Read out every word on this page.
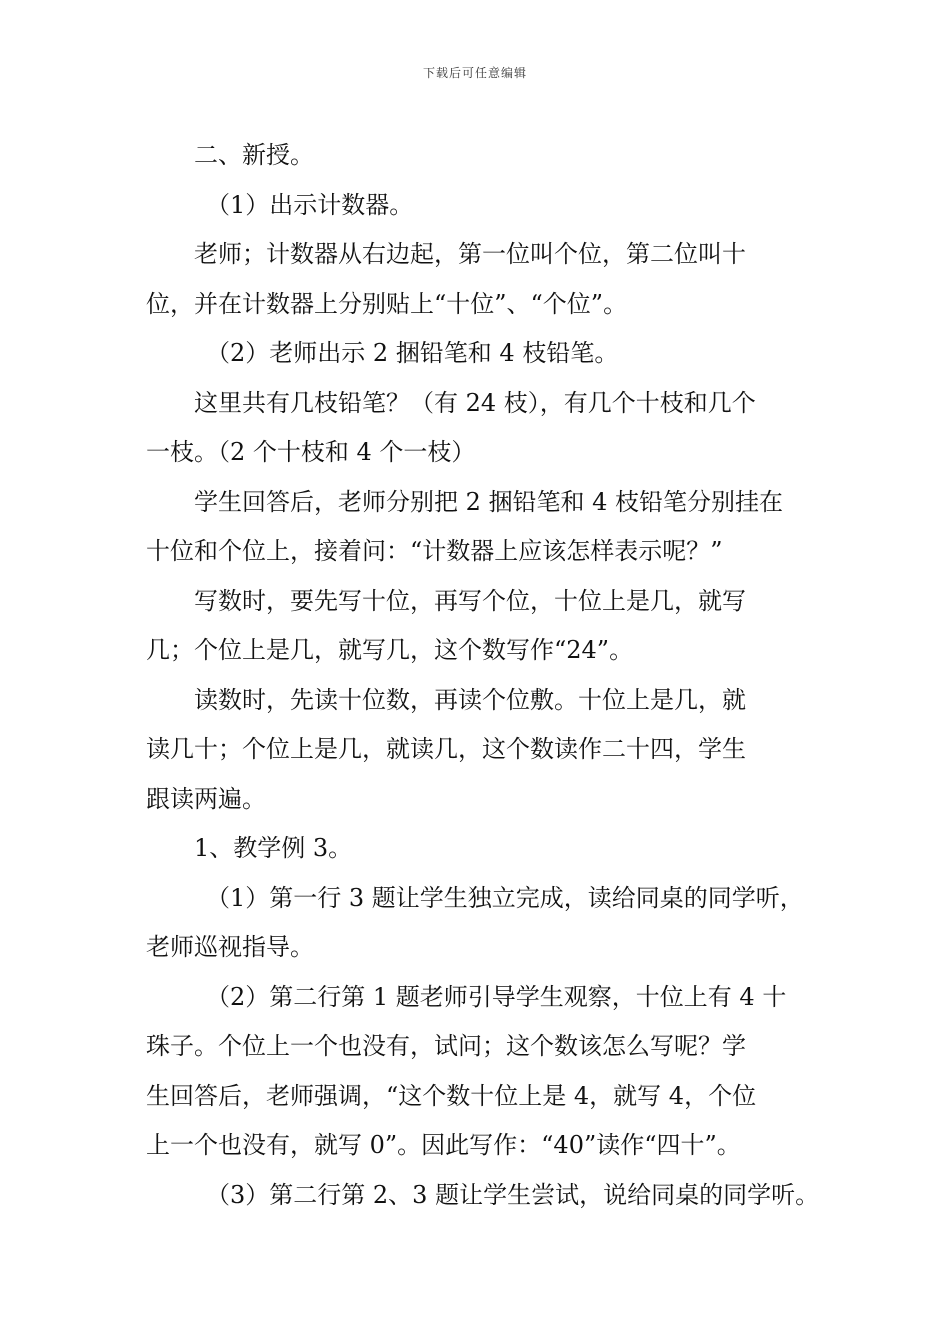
下载后可任意编辑

二、新授。

（1）出示计数器。

老师；计数器从右边起，第一位叫个位，第二位叫十
位，并在计数器上分别贴上“十位”、“个位”。

（2）老师出示 2 捆铅笔和 4 枝铅笔。

这里共有几枝铅笔？（有 24 枝），有几个十枝和几个
一枝。（2 个十枝和 4 个一枝）

学生回答后，老师分别把 2 捆铅笔和 4 枝铅笔分别挂在
十位和个位上，接着问：“计数器上应该怎样表示呢？”

写数时，要先写十位，再写个位，十位上是几，就写
几；个位上是几，就写几，这个数写作“24”。

读数时，先读十位数，再读个位敷。十位上是几，就
读几十；个位上是几，就读几，这个数读作二十四，学生
跟读两遍。

1、教学例 3。

（1）第一行 3 题让学生独立完成，读给同桌的同学听，
老师巡视指导。

（2）第二行第 1 题老师引导学生观察，十位上有 4 十
珠子。个位上一个也没有，试问；这个数该怎么写呢？学
生回答后，老师强调，“这个数十位上是 4，就写 4，个位
上一个也没有，就写 0”。因此写作：“40”读作“四十”。

（3）第二行第 2、3 题让学生尝试，说给同桌的同学听。
